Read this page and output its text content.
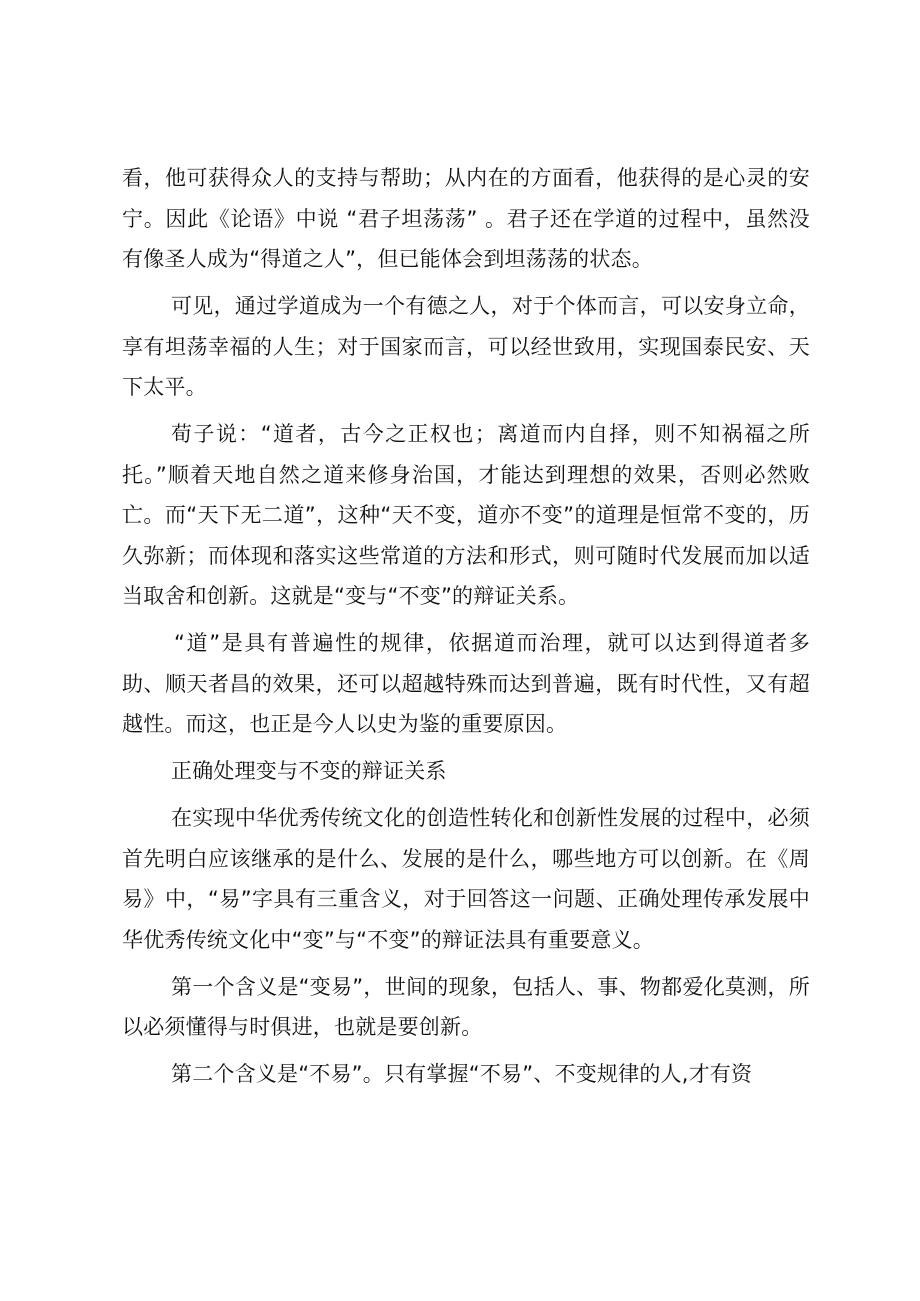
看，他可获得众人的支持与帮助；从内在的方面看，他获得的是心灵的安宁。因此《论语》中说 “君子坦荡荡” 。君子还在学道的过程中，虽然没有像圣人成为“得道之人”，但已能体会到坦荡荡的状态。

可见，通过学道成为一个有德之人，对于个体而言，可以安身立命，享有坦荡幸福的人生；对于国家而言，可以经世致用，实现国泰民安、天下太平。

荀子说：“道者，古今之正权也；离道而内自择，则不知祸福之所托。”顺着天地自然之道来修身治国，才能达到理想的效果，否则必然败亡。而“天下无二道”，这种“天不变，道亦不变”的道理是恒常不变的，历久弥新；而体现和落实这些常道的方法和形式，则可随时代发展而加以适当取舍和创新。这就是“变与“不变”的辩证关系。

“道”是具有普遍性的规律，依据道而治理，就可以达到得道者多助、顺天者昌的效果，还可以超越特殊而达到普遍，既有时代性，又有超越性。而这，也正是今人以史为鉴的重要原因。

正确处理变与不变的辩证关系

在实现中华优秀传统文化的创造性转化和创新性发展的过程中，必须首先明白应该继承的是什么、发展的是什么，哪些地方可以创新。在《周易》中，“易”字具有三重含义，对于回答这一问题、正确处理传承发展中华优秀传统文化中“变”与“不变”的辩证法具有重要意义。

第一个含义是“变易”，世间的现象，包括人、事、物都爱化莫测，所以必须懂得与时俱进，也就是要创新。

第二个含义是“不易”。只有掌握“不易”、不变规律的人,才有资
